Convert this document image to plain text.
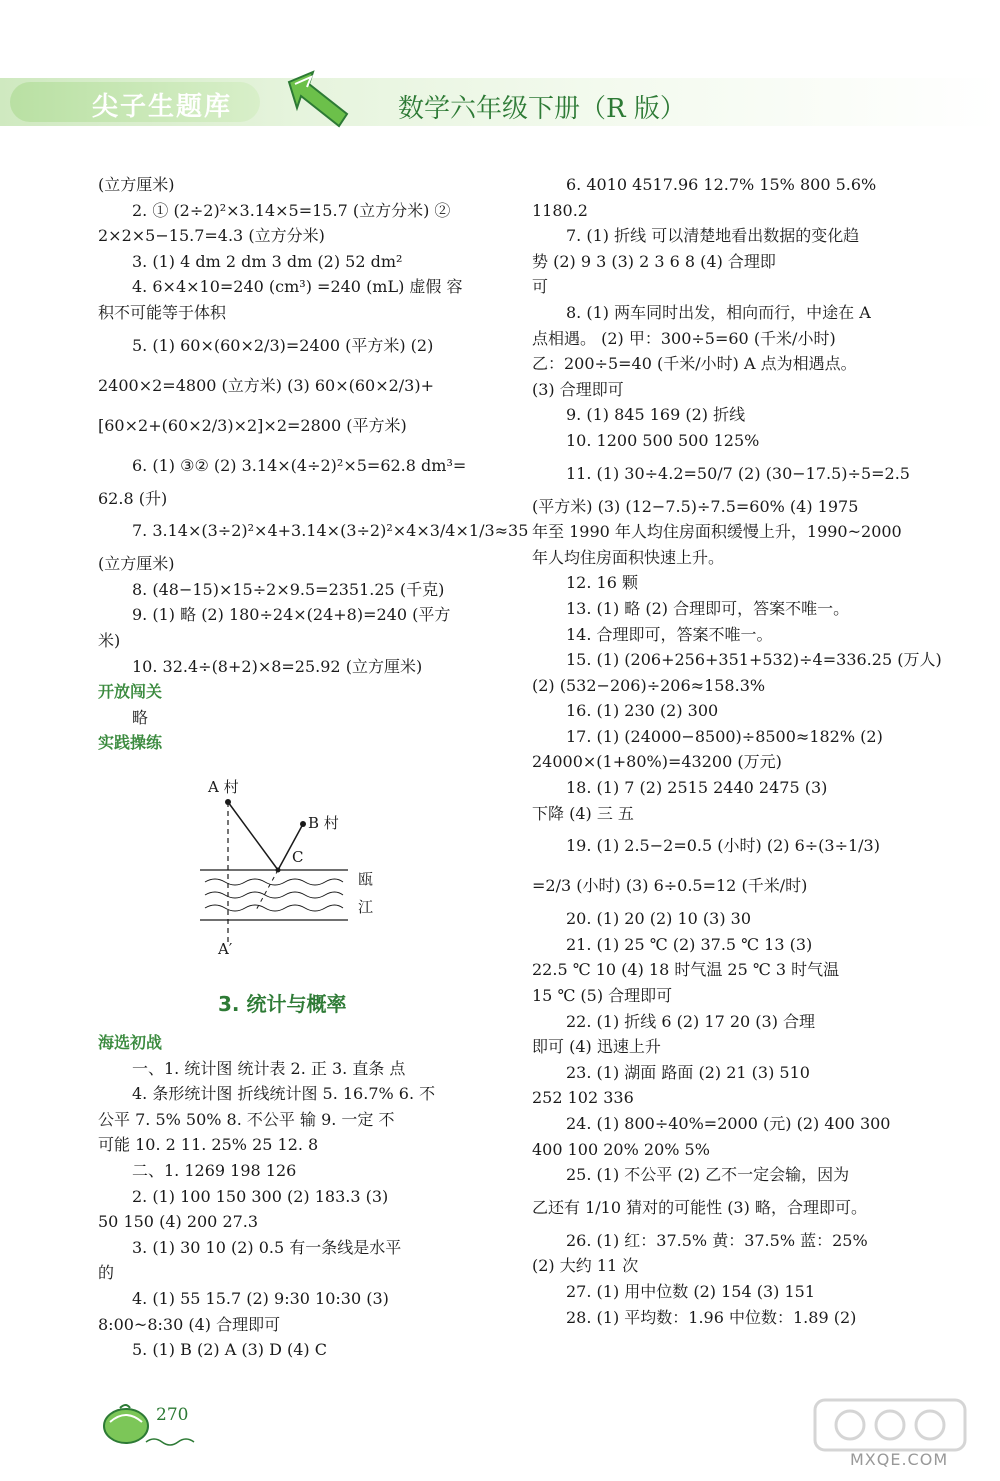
尖子生题库	数学六年级下册（R 版）
(立方厘米)
2. ① (2÷2)²×3.14×5=15.7 (立方分米) ②
2×2×5−15.7=4.3 (立方分米)
3. (1) 4 dm 2 dm 3 dm (2) 52 dm²
4. 6×4×10=240 (cm³) =240 (mL) 虚假 容
积不可能等于体积
5. (1) 60×(60×2/3)=2400 (平方米) (2)
2400×2=4800 (立方米) (3) 60×(60×2/3)+
[60×2+(60×2/3)×2]×2=2800 (平方米)
6. (1) ③② (2) 3.14×(4÷2)²×5=62.8 dm³=
62.8 (升)
7. 3.14×(3÷2)²×4+3.14×(3÷2)²×4×3/4×1/3≈35
(立方厘米)
8. (48−15)×15÷2×9.5=2351.25 (千克)
9. (1) 略 (2) 180÷24×(24+8)=240 (平方
米)
10. 32.4÷(8+2)×8=25.92 (立方厘米)
开放闯关
略
实践操练
A 村
B 村
C
A′
瓯
江
3. 统计与概率
海选初战
一、1. 统计图 统计表 2. 正 3. 直条 点
4. 条形统计图 折线统计图 5. 16.7% 6. 不
公平 7. 5% 50% 8. 不公平 输 9. 一定 不
可能 10. 2 11. 25% 25 12. 8
二、1. 1269 198 126
2. (1) 100 150 300 (2) 183.3 (3)
50 150 (4) 200 27.3
3. (1) 30 10 (2) 0.5 有一条线是水平
的
4. (1) 55 15.7 (2) 9:30 10:30 (3)
8:00~8:30 (4) 合理即可
5. (1) B (2) A (3) D (4) C
6. 4010 4517.96 12.7% 15% 800 5.6%
1180.2
7. (1) 折线 可以清楚地看出数据的变化趋
势 (2) 9 3 (3) 2 3 6 8 (4) 合理即
可
8. (1) 两车同时出发，相向而行，中途在 A
点相遇。 (2) 甲：300÷5=60 (千米/小时)
乙：200÷5=40 (千米/小时) A 点为相遇点。
(3) 合理即可
9. (1) 845 169 (2) 折线
10. 1200 500 500 125%
11. (1) 30÷4.2=50/7 (2) (30−17.5)÷5=2.5
(平方米) (3) (12−7.5)÷7.5=60% (4) 1975
年至 1990 年人均住房面积缓慢上升，1990~2000
年人均住房面积快速上升。
12. 16 颗
13. (1) 略 (2) 合理即可，答案不唯一。
14. 合理即可，答案不唯一。
15. (1) (206+256+351+532)÷4=336.25 (万人)
(2) (532−206)÷206≈158.3%
16. (1) 230 (2) 300
17. (1) (24000−8500)÷8500≈182% (2)
24000×(1+80%)=43200 (万元)
18. (1) 7 (2) 2515 2440 2475 (3)
下降 (4) 三 五
19. (1) 2.5−2=0.5 (小时) (2) 6÷(3÷1/3)
=2/3 (小时) (3) 6÷0.5=12 (千米/时)
20. (1) 20 (2) 10 (3) 30
21. (1) 25 ℃ (2) 37.5 ℃ 13 (3)
22.5 ℃ 10 (4) 18 时气温 25 ℃ 3 时气温
15 ℃ (5) 合理即可
22. (1) 折线 6 (2) 17 20 (3) 合理
即可 (4) 迅速上升
23. (1) 湖面 路面 (2) 21 (3) 510
252 102 336
24. (1) 800÷40%=2000 (元) (2) 400 300
400 100 20% 20% 5%
25. (1) 不公平 (2) 乙不一定会输，因为
乙还有 1/10 猜对的可能性 (3) 略，合理即可。
26. (1) 红：37.5% 黄：37.5% 蓝：25%
(2) 大约 11 次
27. (1) 用中位数 (2) 154 (3) 151
28. (1) 平均数：1.96 中位数：1.89 (2)
270
MXQE.COM
